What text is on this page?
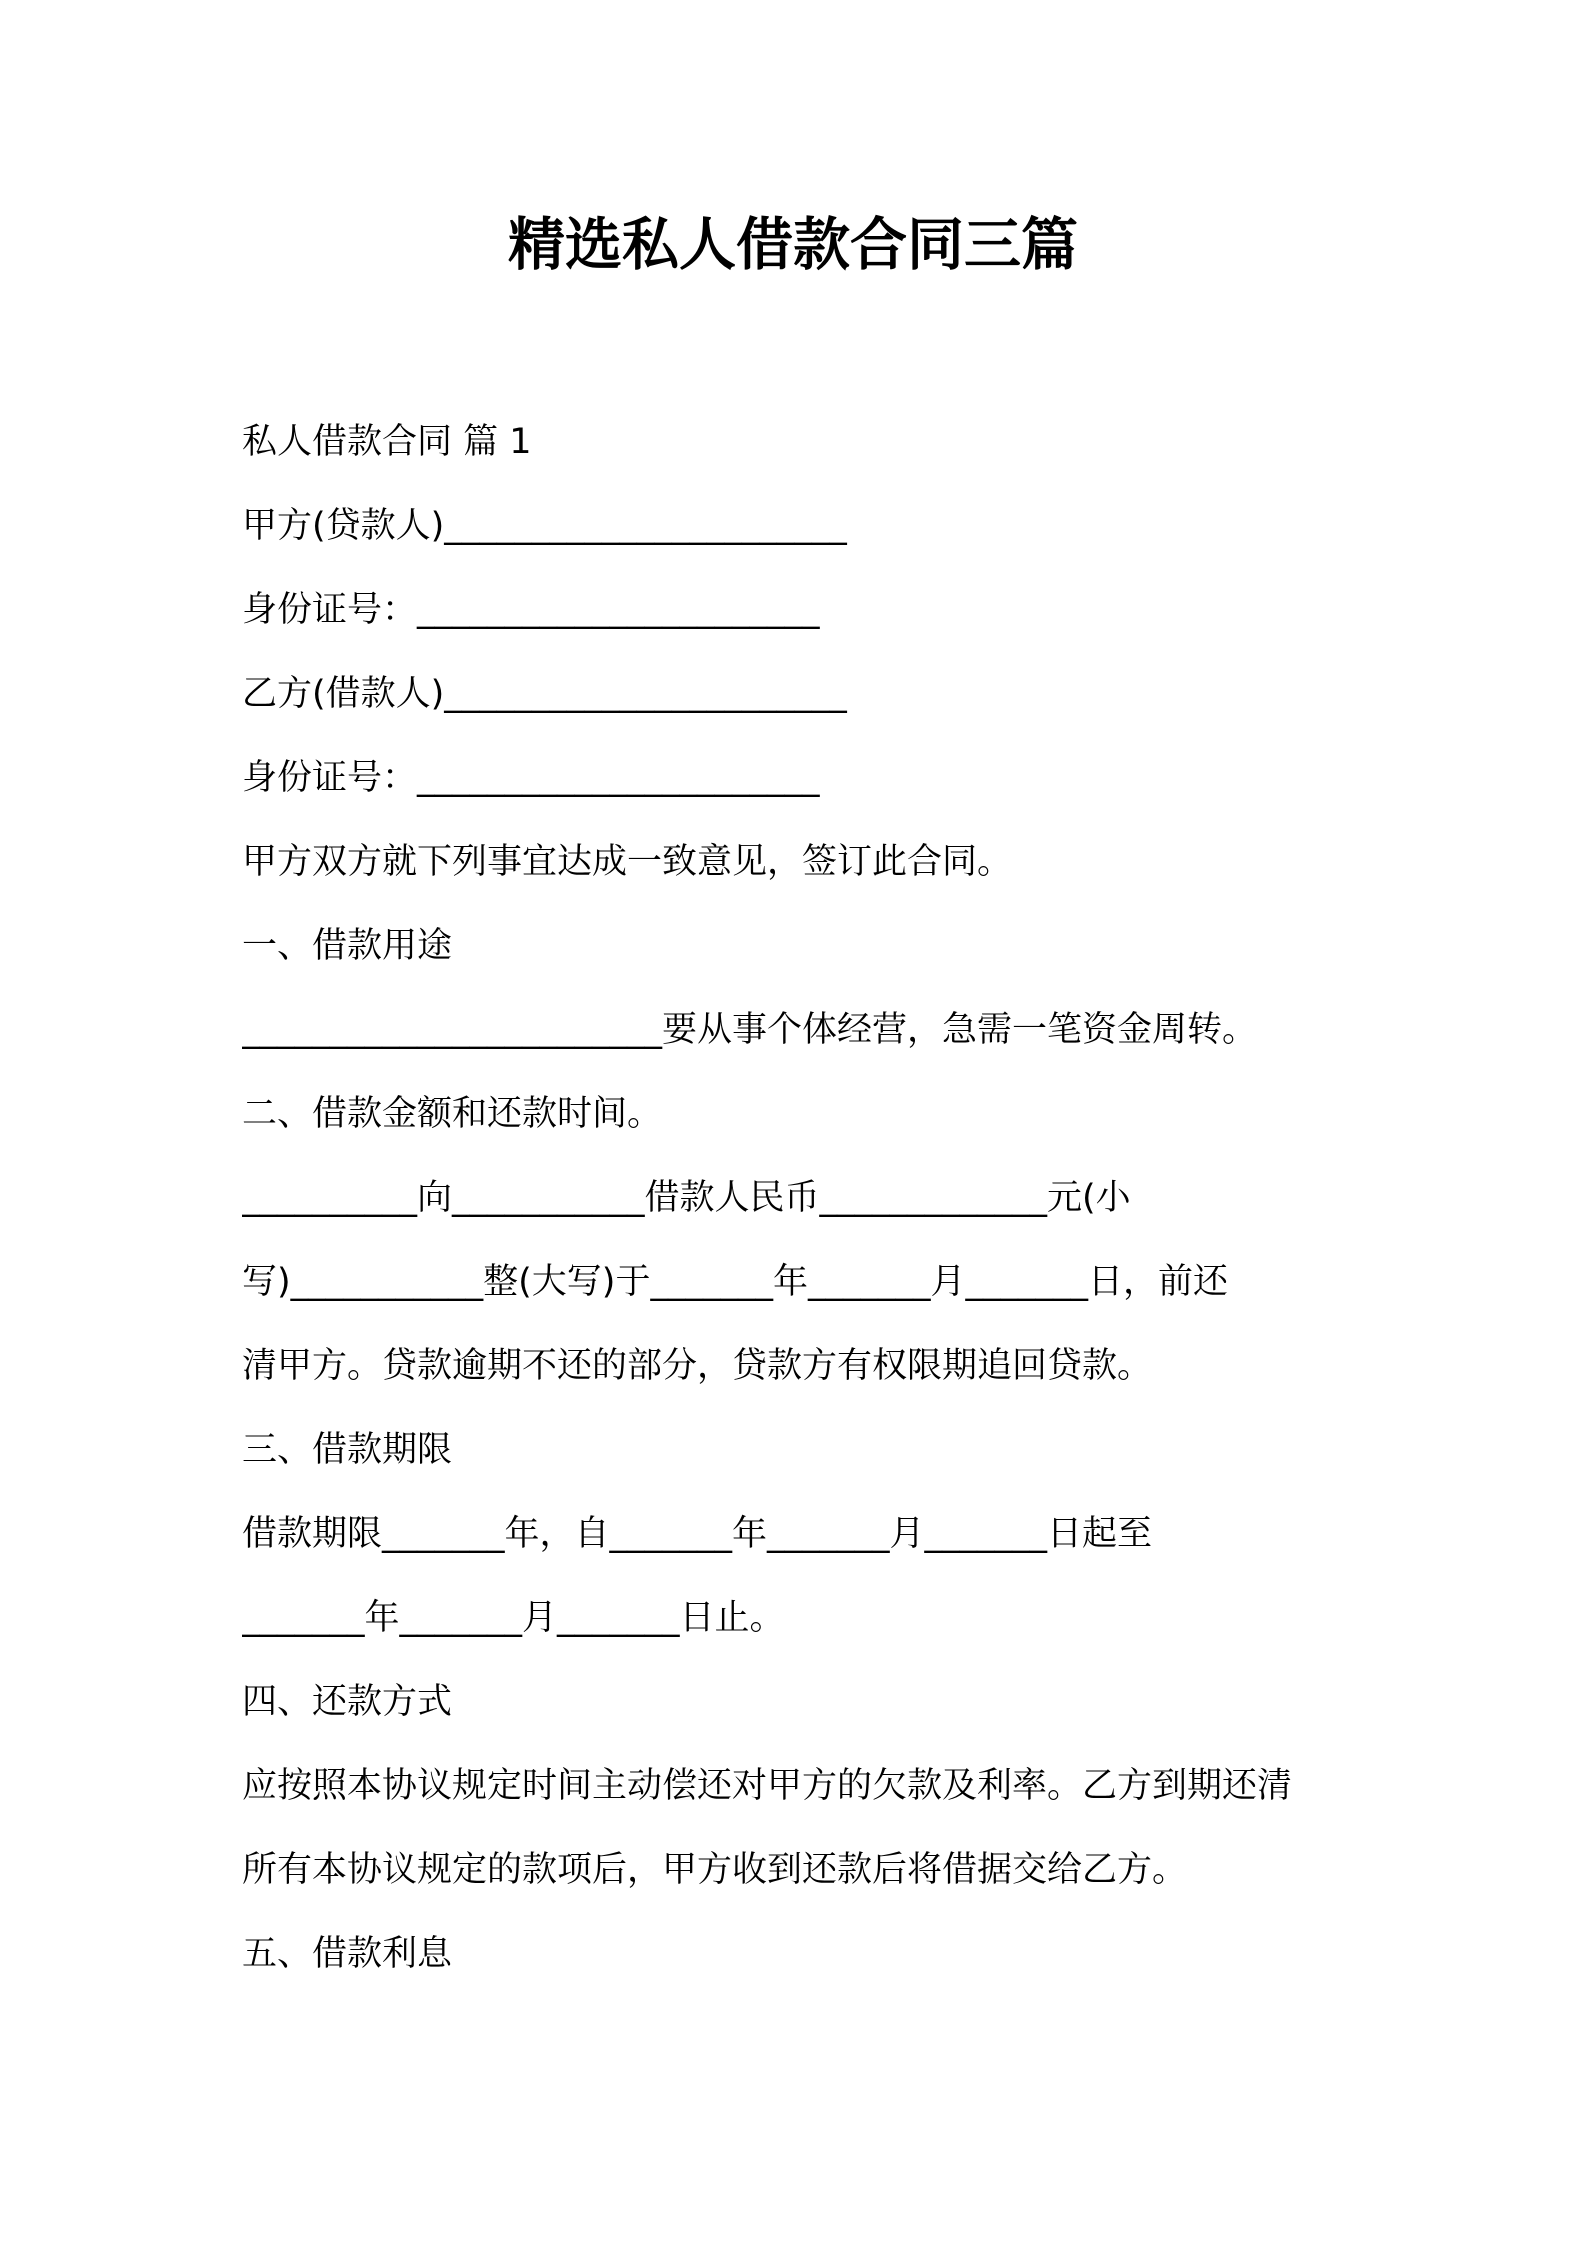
精选私人借款合同三篇
私人借款合同 篇 1
甲方(贷款人)_______________________
身份证号：_______________________
乙方(借款人)_______________________
身份证号：_______________________
甲方双方就下列事宜达成一致意见，签订此合同。
一、借款用途
________________________要从事个体经营，急需一笔资金周转。
二、借款金额和还款时间。
__________向___________借款人民币_____________元(小
写)___________整(大写)于_______年_______月_______日，前还
清甲方。贷款逾期不还的部分，贷款方有权限期追回贷款。
三、借款期限
借款期限_______年，自_______年_______月_______日起至
_______年_______月_______日止。
四、还款方式
应按照本协议规定时间主动偿还对甲方的欠款及利率。乙方到期还清
所有本协议规定的款项后，甲方收到还款后将借据交给乙方。
五、借款利息
